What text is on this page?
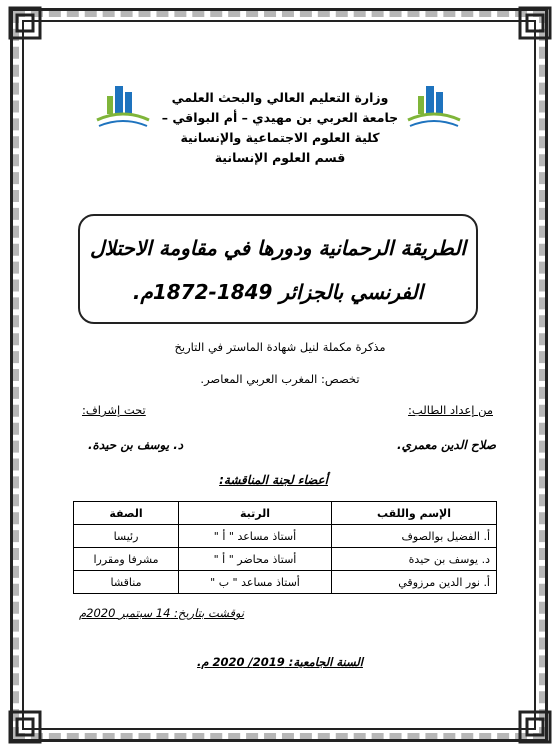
وزارة التعليم العالي والبحث العلمي
جامعة العربي بن مهيدي – أم البواقي –
كلية العلوم الاجتماعية والإنسانية
قسم العلوم الإنسانية
الطريقة الرحمانية ودورها في مقاومة الاحتلال
الفرنسي بالجزائر 1849-1872م.
مذكرة مكملة لنيل شهادة الماستر في التاريخ
تخصص: المغرب العربي المعاصر.
من إعداد الطالب:
تحت إشراف:
صلاح الدين معمري.
د. يوسف بن حيدة.
أعضاء لجنة المناقشة:
الإسم واللقب	الرتبة	الصفة
أ. الفضيل بوالصوف	أستاذ مساعد " أ "	رئيسا
د. يوسف بن حيدة	أستاذ محاضر " أ "	مشرفا ومقررا
أ. نور الدين مرزوقي	أستاذ مساعد " ب "	مناقشا
نوقشت بتاريخ: 14 سبتمبر 2020م
السنة الجامعية: 2019/ 2020 م.
